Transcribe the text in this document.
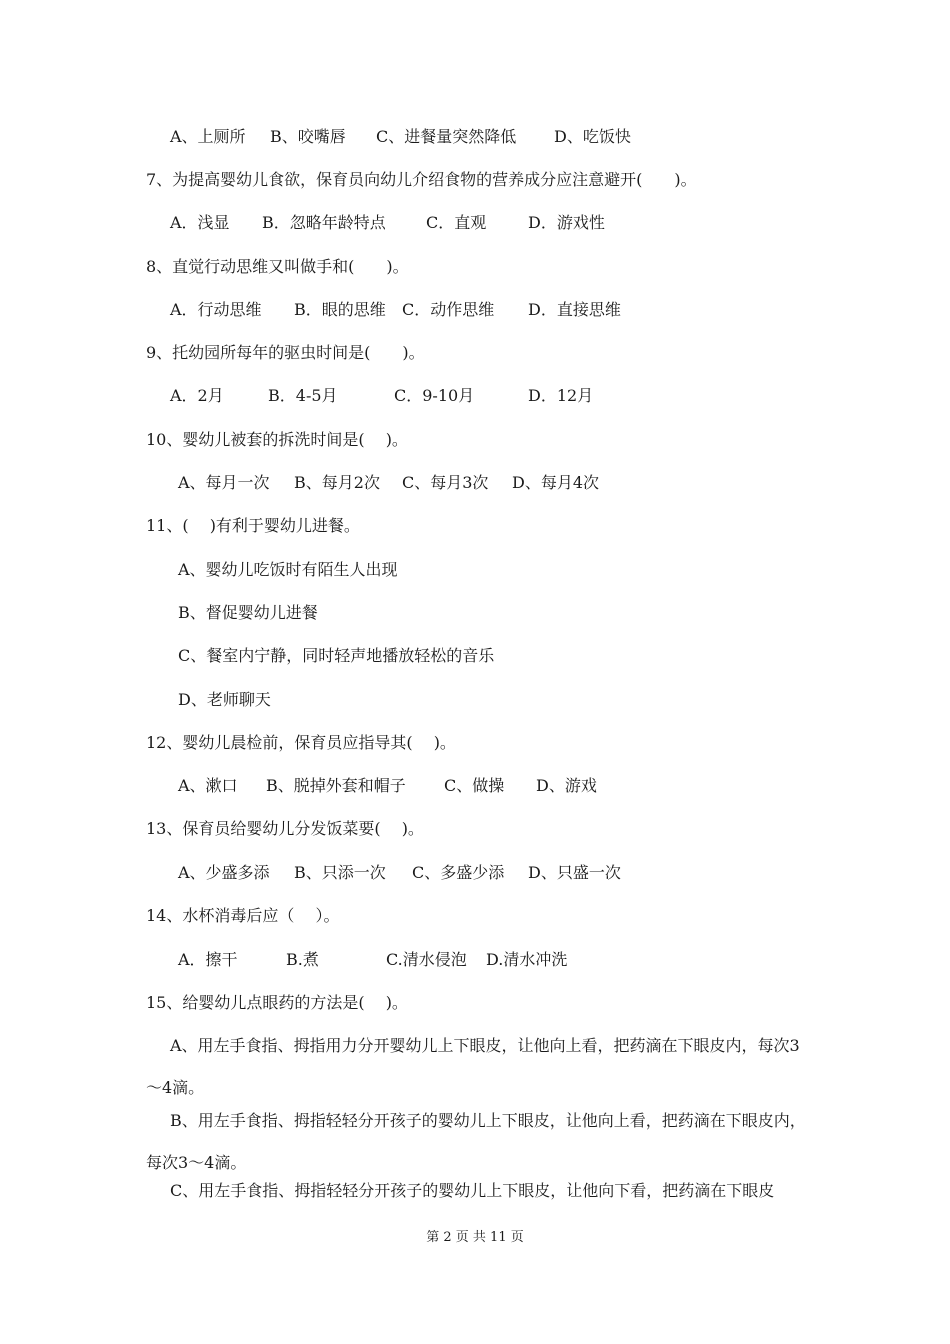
A、上厕所 B、咬嘴唇 C、进餐量突然降低 D、吃饭快
7、为提高婴幼儿食欲，保育员向幼儿介绍食物的营养成分应注意避开(　　)。
A．浅显 B．忽略年龄特点	C．直观	D．游戏性
8、直觉行动思维又叫做手和(　　)。
A．行动思维 B．眼的思维 C．动作思维 D．直接思维
9、托幼园所每年的驱虫时间是(　　)。
A．2月	B．4-5月	C．9-10月	D．12月
10、婴幼儿被套的拆洗时间是(　 )。
A、每月一次 B、每月2次 C、每月3次 D、每月4次
11、(　 )有利于婴幼儿进餐。
A、婴幼儿吃饭时有陌生人出现
B、督促婴幼儿进餐
C、餐室内宁静，同时轻声地播放轻松的音乐
D、老师聊天
12、婴幼儿晨检前，保育员应指导其(　 )。
A、漱口 B、脱掉外套和帽子 C、做操 D、游戏
13、保育员给婴幼儿分发饭菜要(　 )。
A、少盛多添 B、只添一次 C、多盛少添 D、只盛一次
14、水杯消毒后应（　 ）。
A．擦干	B.煮	C.清水侵泡 D.清水冲洗
15、给婴幼儿点眼药的方法是(　 )。
A、用左手食指、拇指用力分开婴幼儿上下眼皮，让他向上看，把药滴在下眼皮内，每次3～4滴。
B、用左手食指、拇指轻轻分开孩子的婴幼儿上下眼皮，让他向上看，把药滴在下眼皮内，每次3～4滴。
C、用左手食指、拇指轻轻分开孩子的婴幼儿上下眼皮，让他向下看，把药滴在下眼皮
第 2 页 共 11 页
